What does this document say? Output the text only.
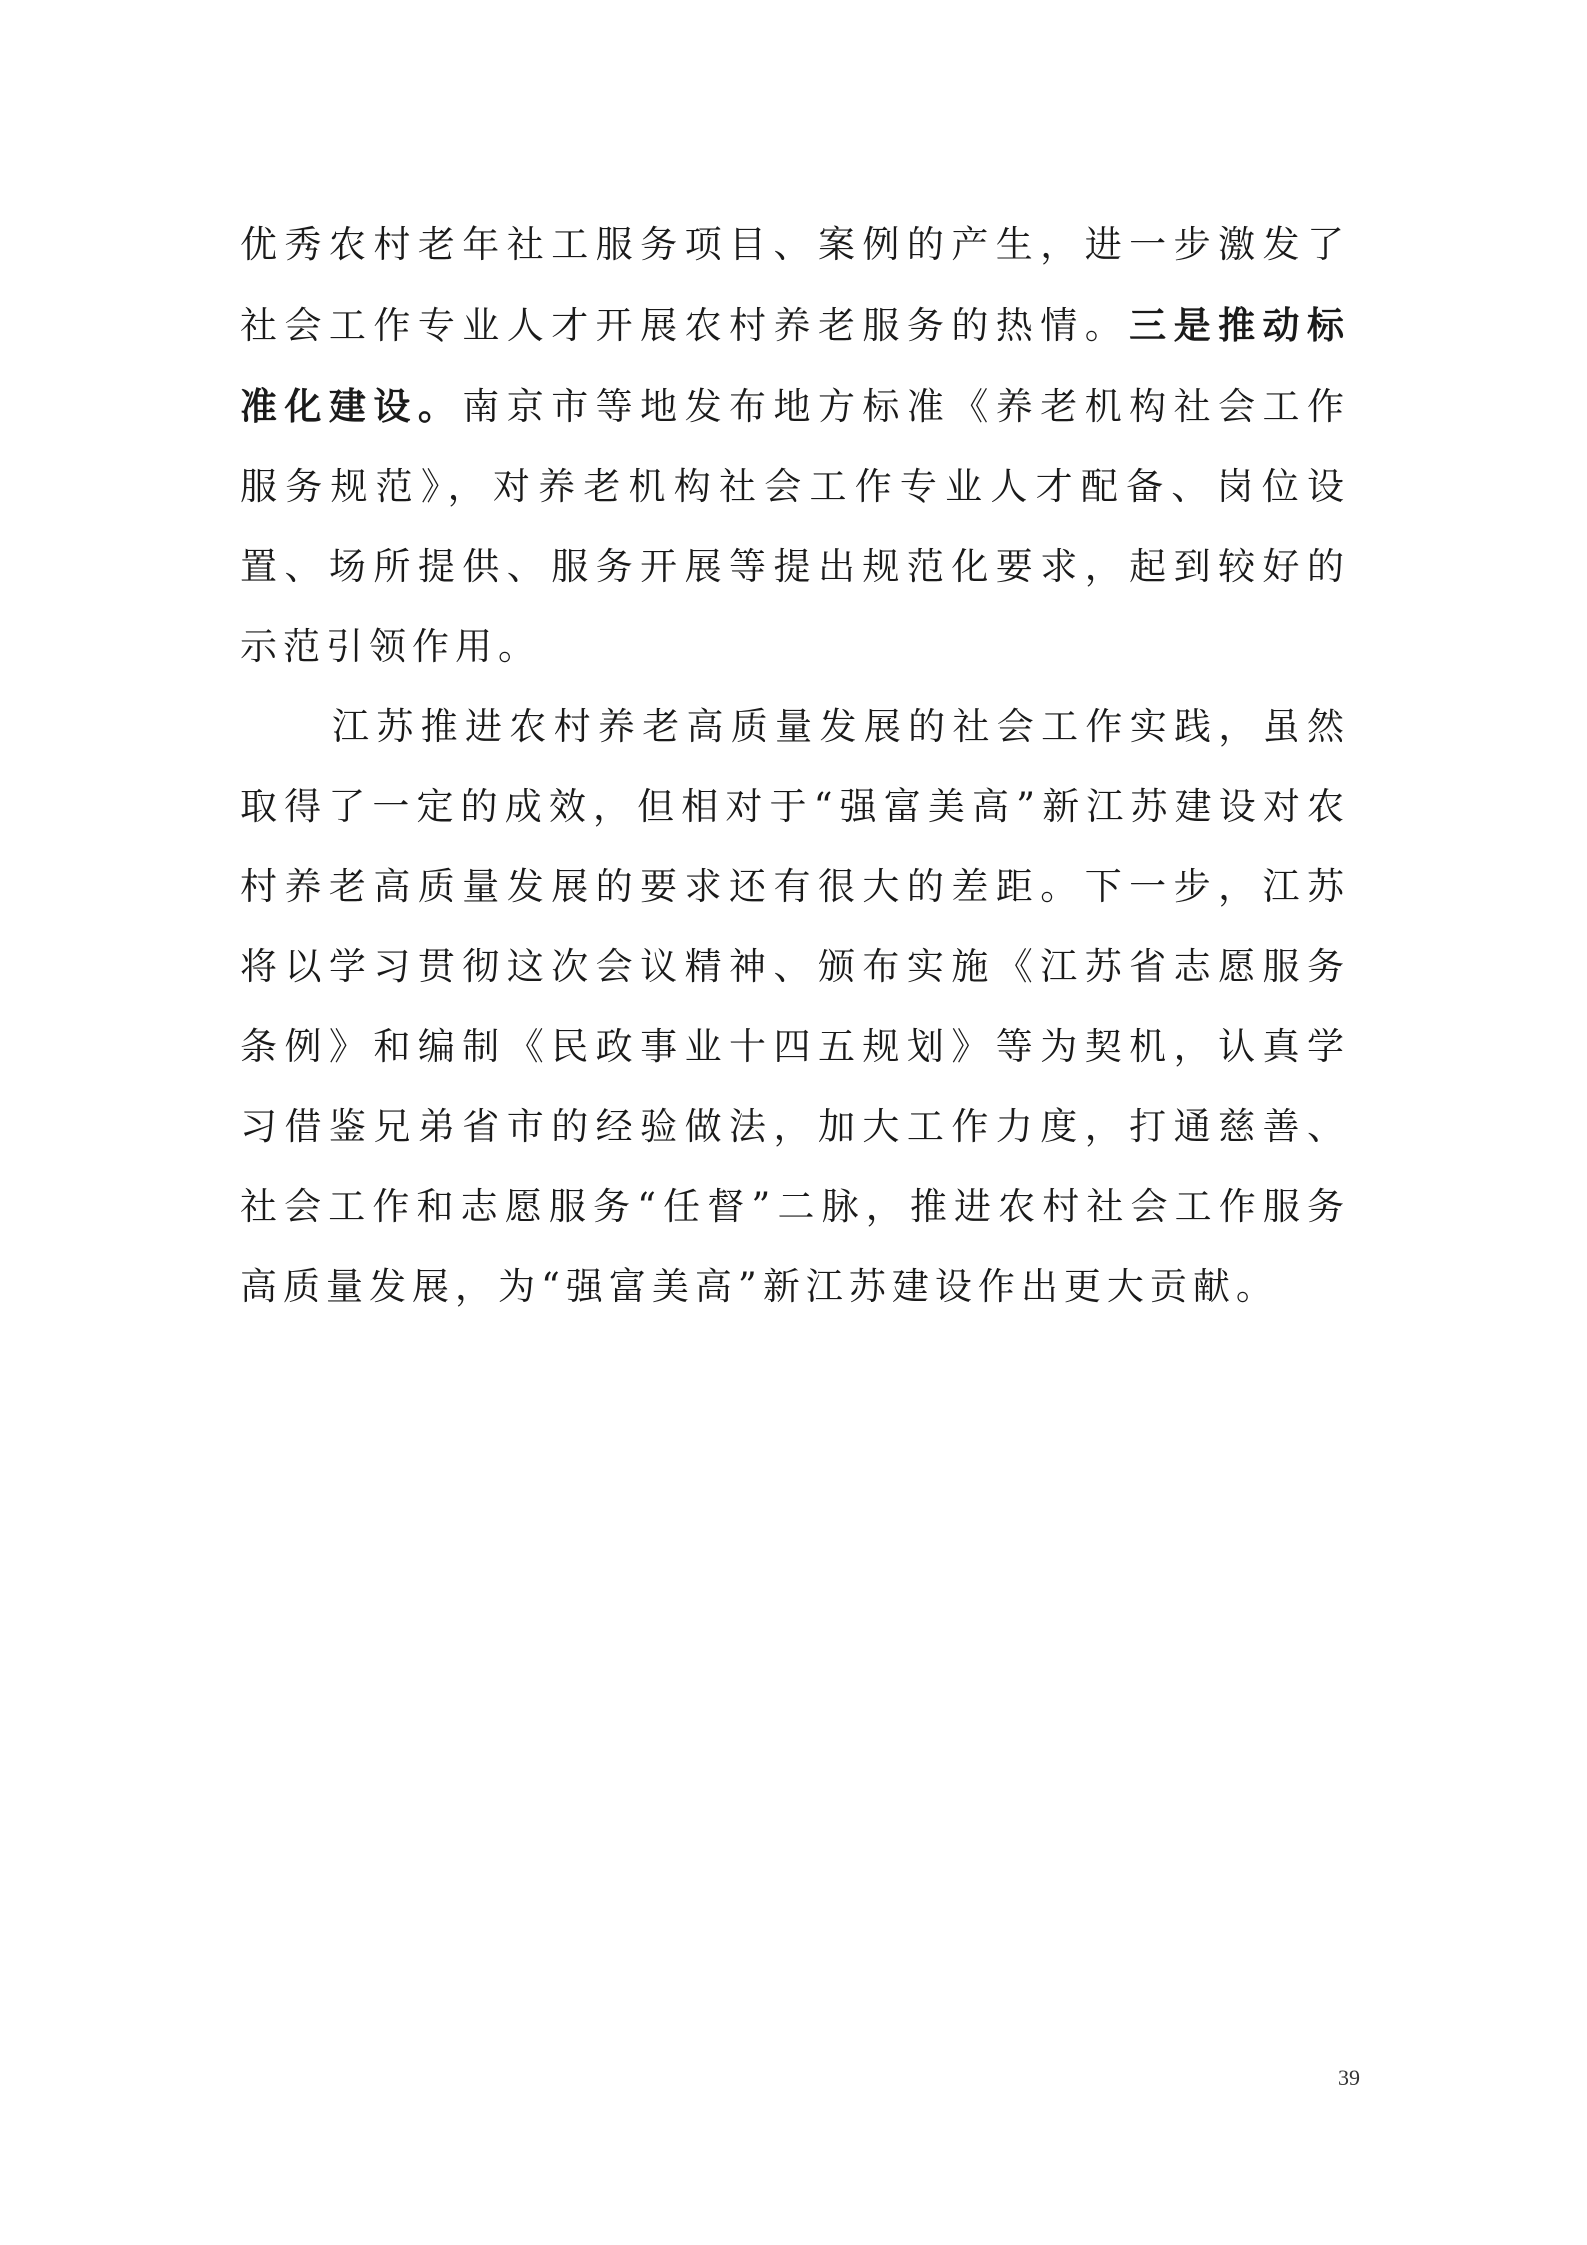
优秀农村老年社工服务项目、案例的产生，进一步激发了社会工作专业人才开展农村养老服务的热情。三是推动标准化建设。南京市等地发布地方标准《养老机构社会工作服务规范》，对养老机构社会工作专业人才配备、岗位设置、场所提供、服务开展等提出规范化要求，起到较好的示范引领作用。

江苏推进农村养老高质量发展的社会工作实践，虽然取得了一定的成效，但相对于“强富美高”新江苏建设对农村养老高质量发展的要求还有很大的差距。下一步，江苏将以学习贯彻这次会议精神、颁布实施《江苏省志愿服务条例》和编制《民政事业十四五规划》等为契机，认真学习借鉴兄弟省市的经验做法，加大工作力度，打通慈善、社会工作和志愿服务“任督”二脉，推进农村社会工作服务高质量发展，为“强富美高”新江苏建设作出更大贡献。

39
